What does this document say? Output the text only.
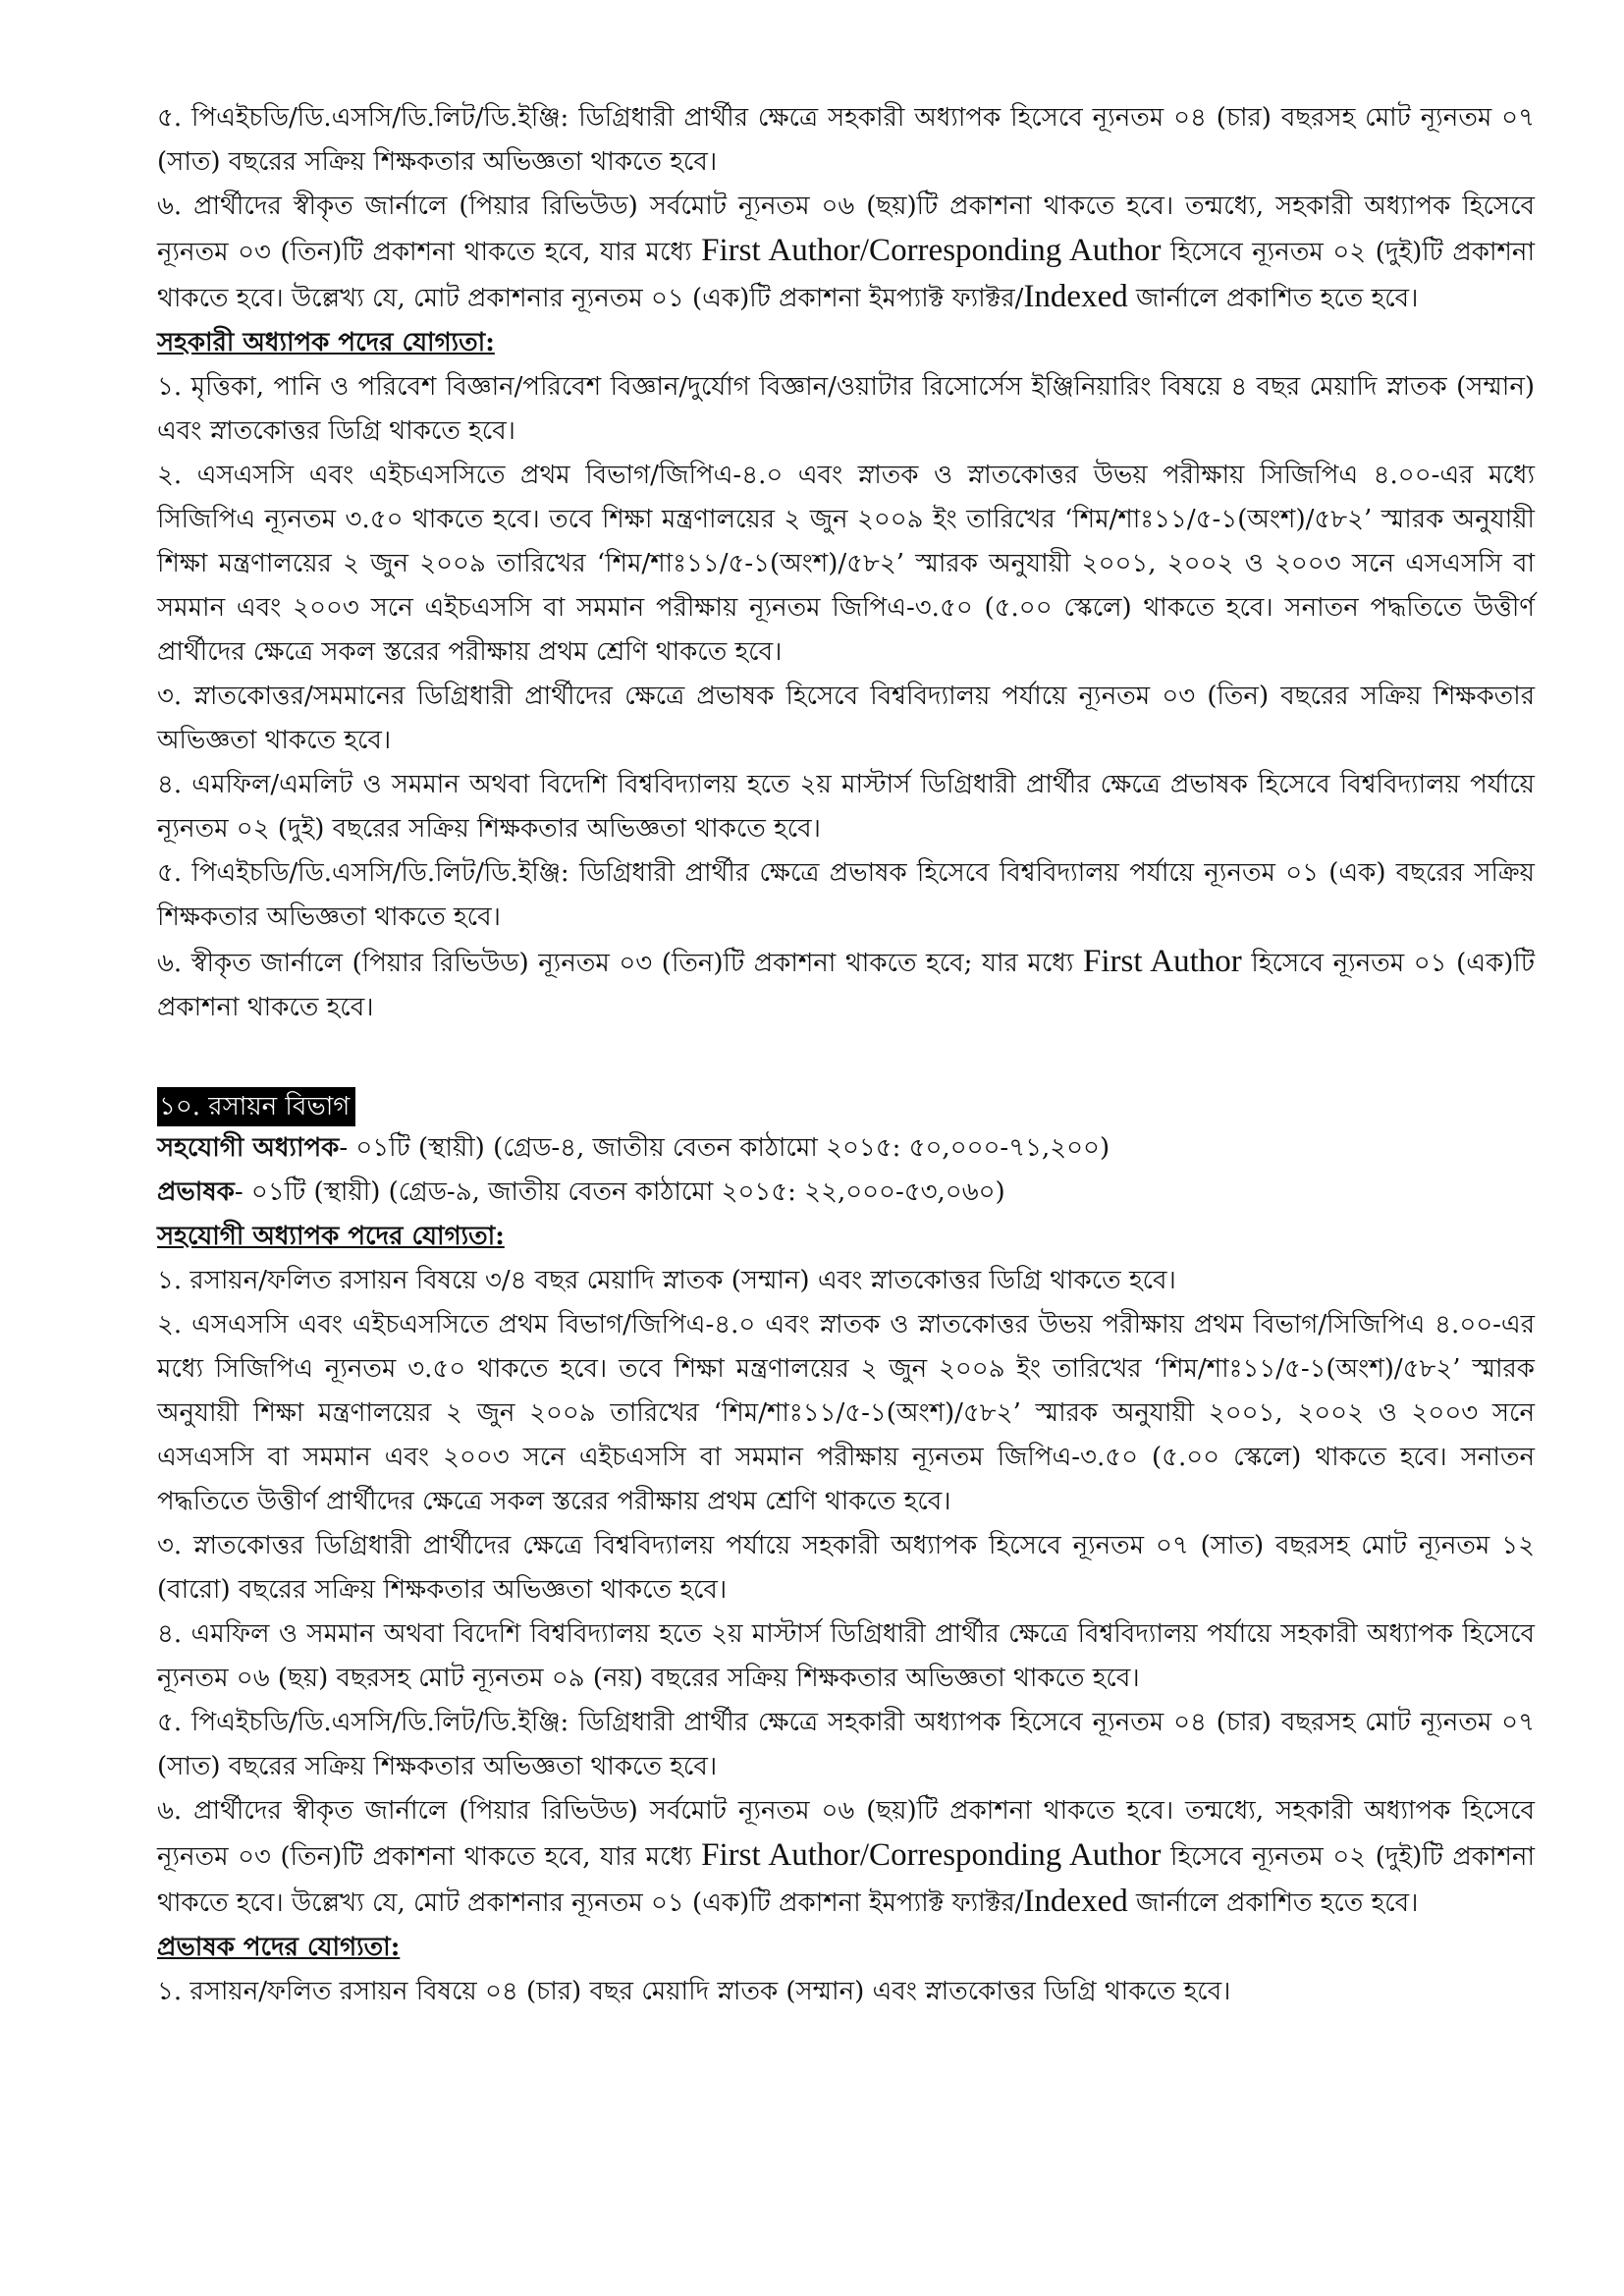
৫. পিএইচডি/ডি.এসসি/ডি.লিট/ডি.ইঞ্জি: ডিগ্রিধারী প্রার্থীর ক্ষেত্রে সহকারী অধ্যাপক হিসেবে ন্যূনতম ০৪ (চার) বছরসহ মোট ন্যূনতম ০৭ (সাত) বছরের সক্রিয় শিক্ষকতার অভিজ্ঞতা থাকতে হবে।

৬. প্রার্থীদের স্বীকৃত জার্নালে (পিয়ার রিভিউড) সর্বমোট ন্যূনতম ০৬ (ছয়)টি প্রকাশনা থাকতে হবে। তন্মধ্যে, সহকারী অধ্যাপক হিসেবে ন্যূনতম ০৩ (তিন)টি প্রকাশনা থাকতে হবে, যার মধ্যে First Author/Corresponding Author হিসেবে ন্যূনতম ০২ (দুই)টি প্রকাশনা থাকতে হবে। উল্লেখ্য যে, মোট প্রকাশনার ন্যূনতম ০১ (এক)টি প্রকাশনা ইমপ্যাক্ট ফ্যাক্টর/Indexed জার্নালে প্রকাশিত হতে হবে।

সহকারী অধ্যাপক পদের যোগ্যতা:

১. মৃত্তিকা, পানি ও পরিবেশ বিজ্ঞান/পরিবেশ বিজ্ঞান/দুর্যোগ বিজ্ঞান/ওয়াটার রিসোর্সেস ইঞ্জিনিয়ারিং বিষয়ে ৪ বছর মেয়াদি স্নাতক (সম্মান) এবং স্নাতকোত্তর ডিগ্রি থাকতে হবে।

২. এসএসসি এবং এইচএসসিতে প্রথম বিভাগ/জিপিএ-৪.০ এবং স্নাতক ও স্নাতকোত্তর উভয় পরীক্ষায় সিজিপিএ ৪.০০-এর মধ্যে সিজিপিএ ন্যূনতম ৩.৫০ থাকতে হবে। তবে শিক্ষা মন্ত্রণালয়ের ২ জুন ২০০৯ ইং তারিখের ‘শিম/শাঃ১১/৫-১(অংশ)/৫৮২’ স্মারক অনুযায়ী শিক্ষা মন্ত্রণালয়ের ২ জুন ২০০৯ তারিখের ‘শিম/শাঃ১১/৫-১(অংশ)/৫৮২’ স্মারক অনুযায়ী ২০০১, ২০০২ ও ২০০৩ সনে এসএসসি বা সমমান এবং ২০০৩ সনে এইচএসসি বা সমমান পরীক্ষায় ন্যূনতম জিপিএ-৩.৫০ (৫.০০ স্কেলে) থাকতে হবে। সনাতন পদ্ধতিতে উত্তীর্ণ প্রার্থীদের ক্ষেত্রে সকল স্তরের পরীক্ষায় প্রথম শ্রেণি থাকতে হবে।

৩. স্নাতকোত্তর/সমমানের ডিগ্রিধারী প্রার্থীদের ক্ষেত্রে প্রভাষক হিসেবে বিশ্ববিদ্যালয় পর্যায়ে ন্যূনতম ০৩ (তিন) বছরের সক্রিয় শিক্ষকতার অভিজ্ঞতা থাকতে হবে।

৪. এমফিল/এমলিট ও সমমান অথবা বিদেশি বিশ্ববিদ্যালয় হতে ২য় মাস্টার্স ডিগ্রিধারী প্রার্থীর ক্ষেত্রে প্রভাষক হিসেবে বিশ্ববিদ্যালয় পর্যায়ে ন্যূনতম ০২ (দুই) বছরের সক্রিয় শিক্ষকতার অভিজ্ঞতা থাকতে হবে।

৫. পিএইচডি/ডি.এসসি/ডি.লিট/ডি.ইঞ্জি: ডিগ্রিধারী প্রার্থীর ক্ষেত্রে প্রভাষক হিসেবে বিশ্ববিদ্যালয় পর্যায়ে ন্যূনতম ০১ (এক) বছরের সক্রিয় শিক্ষকতার অভিজ্ঞতা থাকতে হবে।

৬. স্বীকৃত জার্নালে (পিয়ার রিভিউড) ন্যূনতম ০৩ (তিন)টি প্রকাশনা থাকতে হবে; যার মধ্যে First Author হিসেবে ন্যূনতম ০১ (এক)টি প্রকাশনা থাকতে হবে।

১০. রসায়ন বিভাগ

সহযোগী অধ্যাপক- ০১টি (স্থায়ী) (গ্রেড-৪, জাতীয় বেতন কাঠামো ২০১৫: ৫০,০০০-৭১,২০০)

প্রভাষক- ০১টি (স্থায়ী) (গ্রেড-৯, জাতীয় বেতন কাঠামো ২০১৫: ২২,০০০-৫৩,০৬০)

সহযোগী অধ্যাপক পদের যোগ্যতা:

১. রসায়ন/ফলিত রসায়ন বিষয়ে ৩/৪ বছর মেয়াদি স্নাতক (সম্মান) এবং স্নাতকোত্তর ডিগ্রি থাকতে হবে।

২. এসএসসি এবং এইচএসসিতে প্রথম বিভাগ/জিপিএ-৪.০ এবং স্নাতক ও স্নাতকোত্তর উভয় পরীক্ষায় প্রথম বিভাগ/সিজিপিএ ৪.০০-এর মধ্যে সিজিপিএ ন্যূনতম ৩.৫০ থাকতে হবে। তবে শিক্ষা মন্ত্রণালয়ের ২ জুন ২০০৯ ইং তারিখের ‘শিম/শাঃ১১/৫-১(অংশ)/৫৮২’ স্মারক অনুযায়ী শিক্ষা মন্ত্রণালয়ের ২ জুন ২০০৯ তারিখের ‘শিম/শাঃ১১/৫-১(অংশ)/৫৮২’ স্মারক অনুযায়ী ২০০১, ২০০২ ও ২০০৩ সনে এসএসসি বা সমমান এবং ২০০৩ সনে এইচএসসি বা সমমান পরীক্ষায় ন্যূনতম জিপিএ-৩.৫০ (৫.০০ স্কেলে) থাকতে হবে। সনাতন পদ্ধতিতে উত্তীর্ণ প্রার্থীদের ক্ষেত্রে সকল স্তরের পরীক্ষায় প্রথম শ্রেণি থাকতে হবে।

৩. স্নাতকোত্তর ডিগ্রিধারী প্রার্থীদের ক্ষেত্রে বিশ্ববিদ্যালয় পর্যায়ে সহকারী অধ্যাপক হিসেবে ন্যূনতম ০৭ (সাত) বছরসহ মোট ন্যূনতম ১২ (বারো) বছরের সক্রিয় শিক্ষকতার অভিজ্ঞতা থাকতে হবে।

৪. এমফিল ও সমমান অথবা বিদেশি বিশ্ববিদ্যালয় হতে ২য় মাস্টার্স ডিগ্রিধারী প্রার্থীর ক্ষেত্রে বিশ্ববিদ্যালয় পর্যায়ে সহকারী অধ্যাপক হিসেবে ন্যূনতম ০৬ (ছয়) বছরসহ মোট ন্যূনতম ০৯ (নয়) বছরের সক্রিয় শিক্ষকতার অভিজ্ঞতা থাকতে হবে।

৫. পিএইচডি/ডি.এসসি/ডি.লিট/ডি.ইঞ্জি: ডিগ্রিধারী প্রার্থীর ক্ষেত্রে সহকারী অধ্যাপক হিসেবে ন্যূনতম ০৪ (চার) বছরসহ মোট ন্যূনতম ০৭ (সাত) বছরের সক্রিয় শিক্ষকতার অভিজ্ঞতা থাকতে হবে।

৬. প্রার্থীদের স্বীকৃত জার্নালে (পিয়ার রিভিউড) সর্বমোট ন্যূনতম ০৬ (ছয়)টি প্রকাশনা থাকতে হবে। তন্মধ্যে, সহকারী অধ্যাপক হিসেবে ন্যূনতম ০৩ (তিন)টি প্রকাশনা থাকতে হবে, যার মধ্যে First Author/Corresponding Author হিসেবে ন্যূনতম ০২ (দুই)টি প্রকাশনা থাকতে হবে। উল্লেখ্য যে, মোট প্রকাশনার ন্যূনতম ০১ (এক)টি প্রকাশনা ইমপ্যাক্ট ফ্যাক্টর/Indexed জার্নালে প্রকাশিত হতে হবে।

প্রভাষক পদের যোগ্যতা:

১. রসায়ন/ফলিত রসায়ন বিষয়ে ০৪ (চার) বছর মেয়াদি স্নাতক (সম্মান) এবং স্নাতকোত্তর ডিগ্রি থাকতে হবে।
